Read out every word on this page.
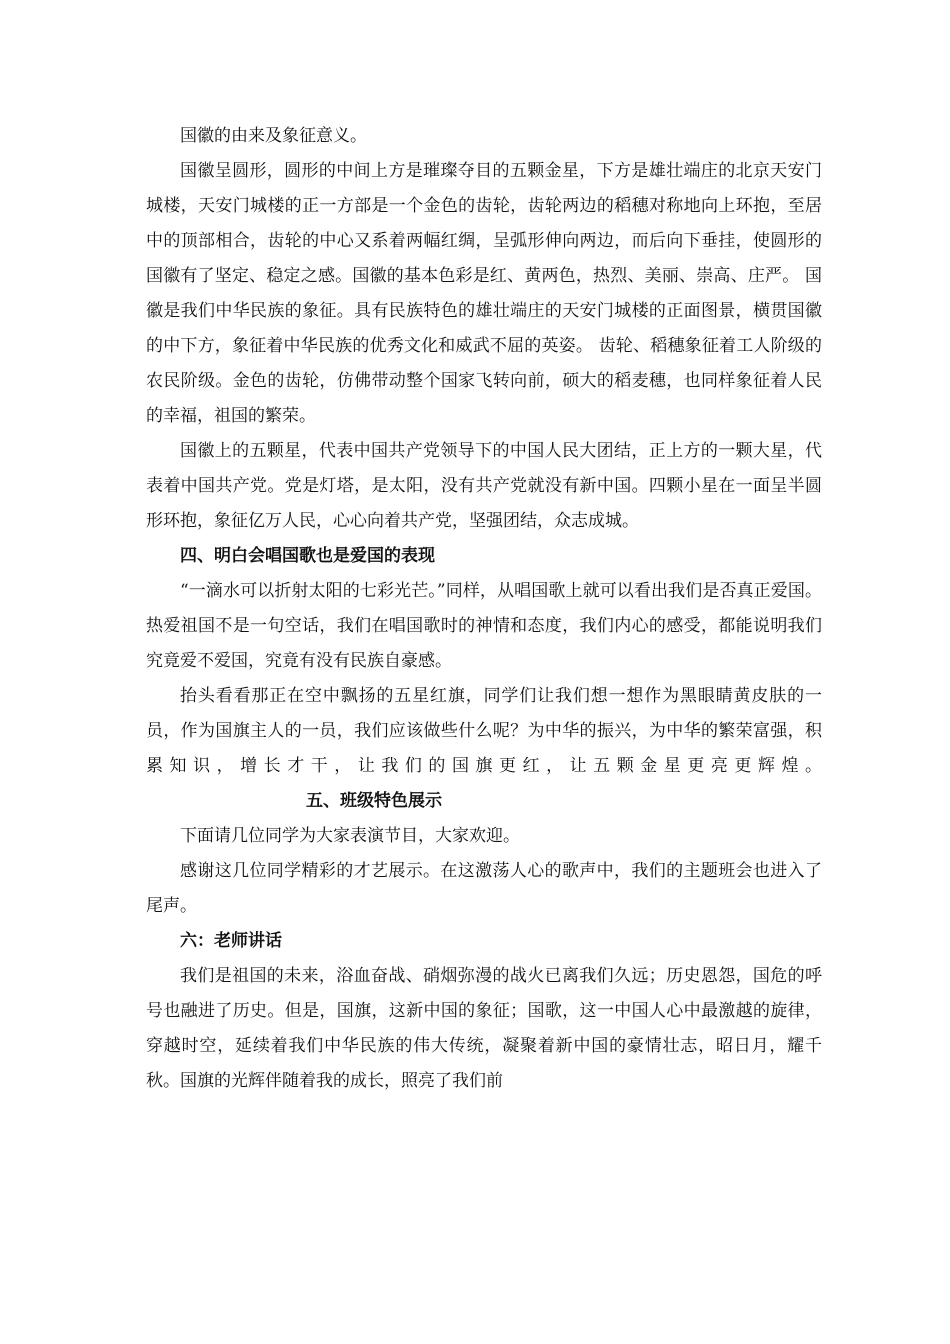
国徽的由来及象征意义。

国徽呈圆形，圆形的中间上方是璀璨夺目的五颗金星，下方是雄壮端庄的北京天安门城楼，天安门城楼的正一方部是一个金色的齿轮，齿轮两边的稻穗对称地向上环抱，至居中的顶部相合，齿轮的中心又系着两幅红绸，呈弧形伸向两边，而后向下垂挂，使圆形的国徽有了坚定、稳定之感。国徽的基本色彩是红、黄两色，热烈、美丽、崇高、庄严。 国徽是我们中华民族的象征。具有民族特色的雄壮端庄的天安门城楼的正面图景，横贯国徽的中下方，象征着中华民族的优秀文化和威武不屈的英姿。 齿轮、稻穗象征着工人阶级的农民阶级。金色的齿轮，仿佛带动整个国家飞转向前，硕大的稻麦穗，也同样象征着人民的幸福，祖国的繁荣。

国徽上的五颗星，代表中国共产党领导下的中国人民大团结，正上方的一颗大星，代表着中国共产党。党是灯塔，是太阳，没有共产党就没有新中国。四颗小星在一面呈半圆形环抱，象征亿万人民，心心向着共产党，坚强团结，众志成城。

四、明白会唱国歌也是爱国的表现

“一滴水可以折射太阳的七彩光芒。”同样，从唱国歌上就可以看出我们是否真正爱国。 热爱祖国不是一句空话，我们在唱国歌时的神情和态度，我们内心的感受，都能说明我们究竟爱不爱国，究竟有没有民族自豪感。

抬头看看那正在空中飘扬的五星红旗，同学们让我们想一想作为黑眼睛黄皮肤的一员，作为国旗主人的一员，我们应该做些什么呢？为中华的振兴，为中华的繁荣富强，积累知识，增长才干，让我们的国旗更红，让五颗金星更亮更辉煌。五、班级特色展示

下面请几位同学为大家表演节目，大家欢迎。

感谢这几位同学精彩的才艺展示。在这激荡人心的歌声中，我们的主题班会也进入了尾声。

六：老师讲话

我们是祖国的未来，浴血奋战、硝烟弥漫的战火已离我们久远；历史恩怨，国危的呼号也融进了历史。但是，国旗，这新中国的象征；国歌，这一中国人心中最激越的旋律，穿越时空，延续着我们中华民族的伟大传统，凝聚着新中国的豪情壮志，昭日月，耀千秋。国旗的光辉伴随着我的成长，照亮了我们前
